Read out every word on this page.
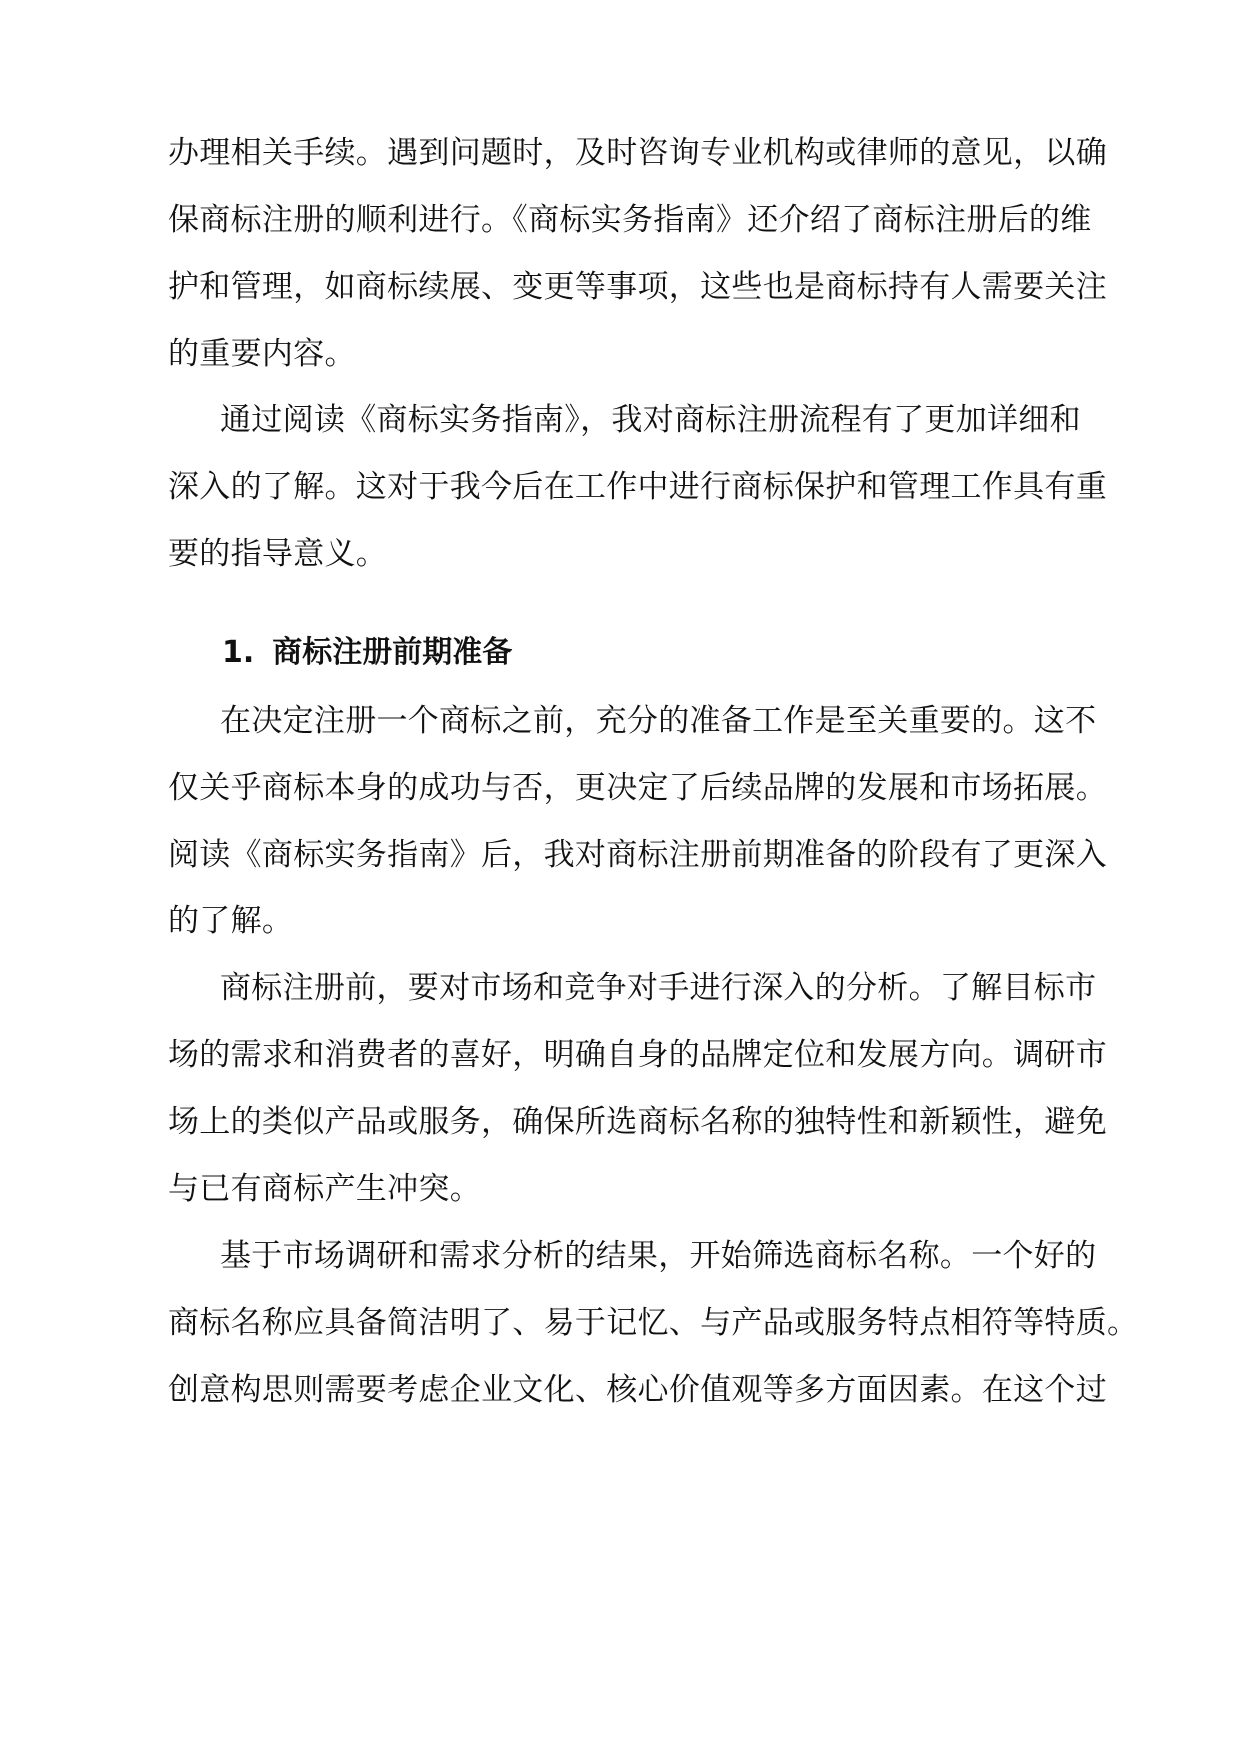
办理相关手续。遇到问题时，及时咨询专业机构或律师的意见，以确
保商标注册的顺利进行。《商标实务指南》还介绍了商标注册后的维
护和管理，如商标续展、变更等事项，这些也是商标持有人需要关注
的重要内容。
通过阅读《商标实务指南》，我对商标注册流程有了更加详细和
深入的了解。这对于我今后在工作中进行商标保护和管理工作具有重
要的指导意义。
1. 商标注册前期准备
在决定注册一个商标之前，充分的准备工作是至关重要的。这不
仅关乎商标本身的成功与否，更决定了后续品牌的发展和市场拓展。
阅读《商标实务指南》后，我对商标注册前期准备的阶段有了更深入
的了解。
商标注册前，要对市场和竞争对手进行深入的分析。了解目标市
场的需求和消费者的喜好，明确自身的品牌定位和发展方向。调研市
场上的类似产品或服务，确保所选商标名称的独特性和新颖性，避免
与已有商标产生冲突。
基于市场调研和需求分析的结果，开始筛选商标名称。一个好的
商标名称应具备简洁明了、易于记忆、与产品或服务特点相符等特质。
创意构思则需要考虑企业文化、核心价值观等多方面因素。在这个过
